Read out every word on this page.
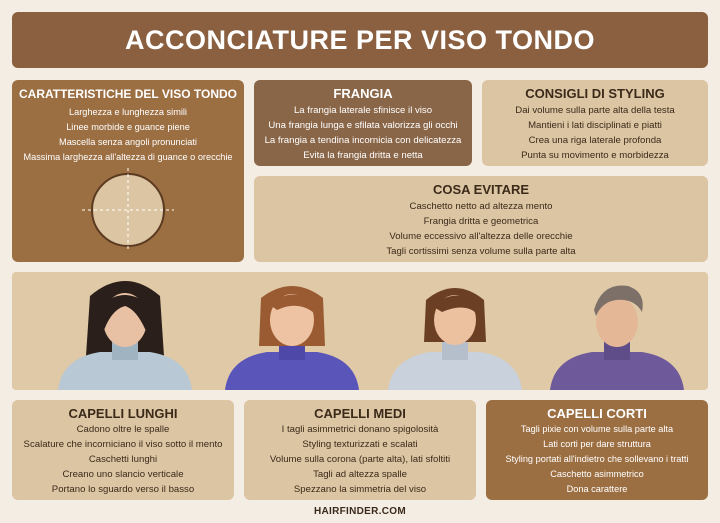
ACCONCIATURE PER VISO TONDO
CARATTERISTICHE DEL VISO TONDO
Larghezza e lunghezza simili
Linee morbide e guance piene
Mascella senza angoli pronunciati
Massima larghezza all'altezza di guance o orecchie
FRANGIA
La frangia laterale sfinisce il viso
Una frangia lunga e sfilata valorizza gli occhi
La frangia a tendina incornicia con delicatezza
Evita la frangia dritta e netta
CONSIGLI DI STYLING
Dai volume sulla parte alta della testa
Mantieni i lati disciplinati e piatti
Crea una riga laterale profonda
Punta su movimento e morbidezza
COSA EVITARE
Caschetto netto ad altezza mento
Frangia dritta e geometrica
Volume eccessivo all'altezza delle orecchie
Tagli cortissimi senza volume sulla parte alta
CAPELLI LUNGHI
Cadono oltre le spalle
Scalature che incorniciano il viso sotto il mento
Caschetti lunghi
Creano uno slancio verticale
Portano lo sguardo verso il basso
CAPELLI MEDI
I tagli asimmetrici donano spigolosità
Styling texturizzati e scalati
Volume sulla corona (parte alta), lati sfoltiti
Tagli ad altezza spalle
Spezzano la simmetria del viso
CAPELLI CORTI
Tagli pixie con volume sulla parte alta
Lati corti per dare struttura
Styling portati all'indietro che sollevano i tratti
Caschetto asimmetrico
Dona carattere
HAIRFINDER.COM
